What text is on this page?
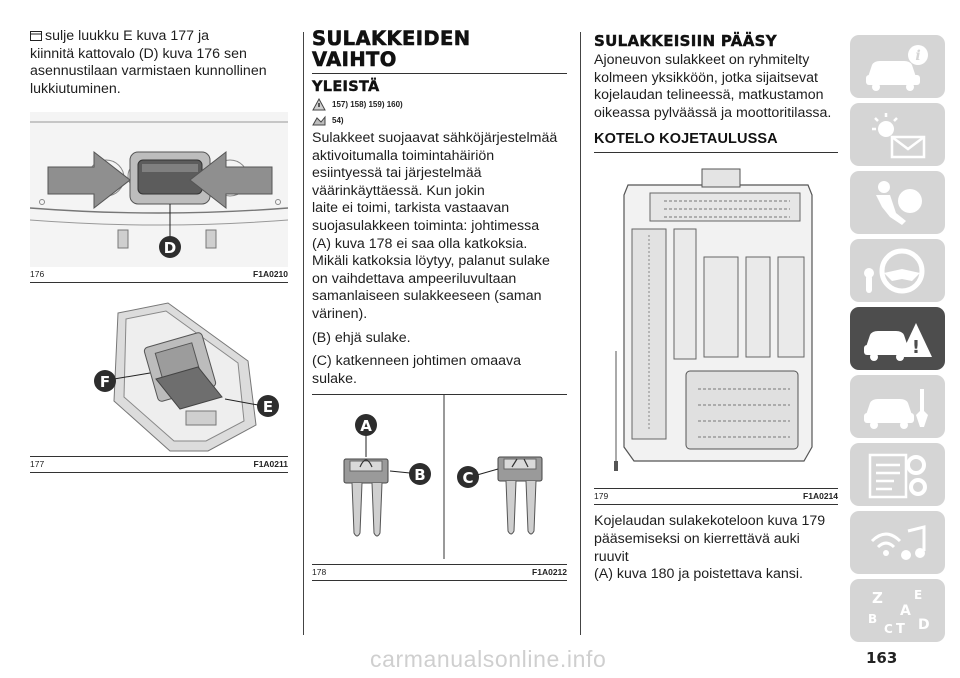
sulje luukku E kuva 177 ja

kiinnitä kattovalo (D) kuva 176 sen

asennustilaan varmistaen kunnollinen

lukkiutuminen.

D
176	F1A0210
F
E
177	F1A0211
SULAKKEIDEN
VAIHTO
YLEISTÄ
157) 158) 159) 160)
54)

Sulakkeet suojaavat sähköjärjestelmää

aktivoitumalla toimintahäiriön

esiintyessä tai järjestelmää

väärinkäyttäessä. Kun jokin

laite ei toimi, tarkista vastaavan

suojasulakkeen toiminta: johtimessa

(A) kuva 178 ei saa olla katkoksia.

Mikäli katkoksia löytyy, palanut sulake

on vaihdettava ampeeriluvultaan

samanlaiseen sulakkeeseen (saman

värinen).

(B) ehjä sulake.

(C) katkenneen johtimen omaava

sulake.

A
B C
178	F1A0212
SULAKKEISIIN PÄÄSY

Ajoneuvon sulakkeet on ryhmitelty

kolmeen yksikköön, jotka sijaitsevat

kojelaudan telineessä, matkustamon

oikeassa pylväässä ja moottoritilassa.

KOTELO KOJETAULUSSA
179	F1A0214

Kojelaudan sulakekoteloon kuva 179

pääsemiseksi on kierrettävä auki ruuvit

(A) kuva 180 ja poistettava kansi.

i
!
Z	E
A
B
C T D
163
carmanualsonline.info
